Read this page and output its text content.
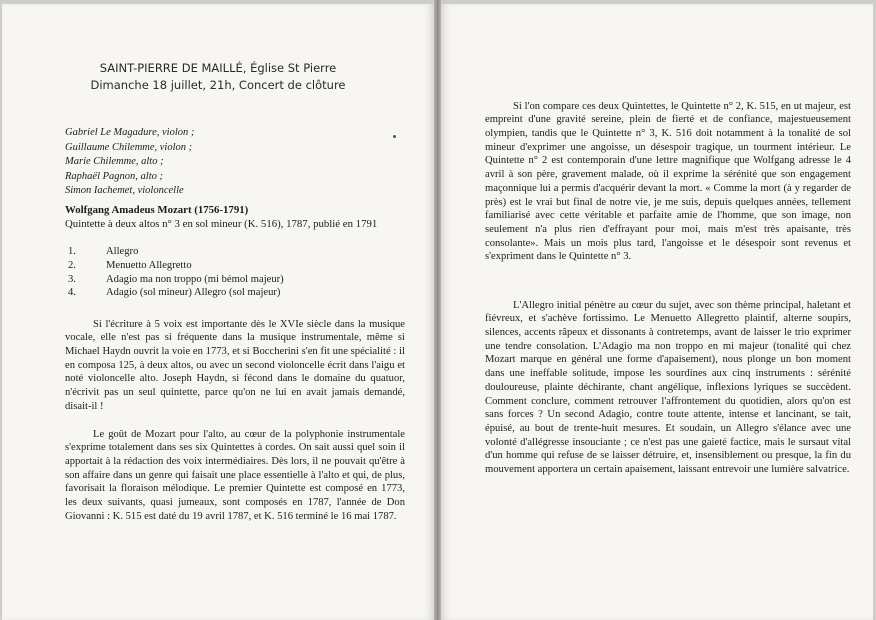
SAINT-PIERRE DE MAILLÉ, Église St Pierre
Dimanche 18 juillet, 21h, Concert de clôture
Gabriel Le Magadure, violon ;
Guillaume Chilemme, violon ;
Marie Chilemme, alto ;
Raphaël Pagnon, alto ;
Simon Iachemet, violoncelle
Wolfgang Amadeus Mozart (1756-1791)
Quintette à deux altos n° 3 en sol mineur (K. 516), 1787, publié en 1791
1.	Allegro
2.	Menuetto Allegretto
3.	Adagio ma non troppo (mi bémol majeur)
4.	Adagio (sol mineur) Allegro (sol majeur)

Si l'écriture à 5 voix est importante dès le XVIe siècle dans la musique vocale, elle n'est pas si fréquente dans la musique instrumentale, même si Michael Haydn ouvrit la voie en 1773, et si Boccherini s'en fit une spécialité : il en composa 125, à deux altos, ou avec un second violoncelle écrit dans l'aigu et noté violoncelle alto. Joseph Haydn, si fécond dans le domaine du quatuor, n'écrivit pas un seul quintette, parce qu'on ne lui en avait jamais demandé, disait-il !

Le goût de Mozart pour l'alto, au cœur de la polyphonie instrumentale s'exprime totalement dans ses six Quintettes à cordes. On sait aussi quel soin il apportait à la rédaction des voix intermédiaires. Dès lors, il ne pouvait qu'être à son affaire dans un genre qui faisait une place essentielle à l'alto et qui, de plus, favorisait la floraison mélodique. Le premier Quintette est composé en 1773, les deux suivants, quasi jumeaux, sont composés en 1787, l'année de Don Giovanni : K. 515 est daté du 19 avril 1787, et K. 516 terminé le 16 mai 1787.

Si l'on compare ces deux Quintettes, le Quintette n° 2, K. 515, en ut majeur, est empreint d'une gravité sereine, plein de fierté et de confiance, majestueusement olympien, tandis que le Quintette n° 3, K. 516 doit notamment à la tonalité de sol mineur d'exprimer une angoisse, un désespoir tragique, un tourment intérieur. Le Quintette n° 2 est contemporain d'une lettre magnifique que Wolfgang adresse le 4 avril à son père, gravement malade, où il exprime la sérénité que son engagement maçonnique lui a permis d'acquérir devant la mort. « Comme la mort (à y regarder de près) est le vrai but final de notre vie, je me suis, depuis quelques années, tellement familiarisé avec cette véritable et parfaite amie de l'homme, que son image, non seulement n'a plus rien d'effrayant pour moi, mais m'est très apaisante, très consolante». Mais un mois plus tard, l'angoisse et le désespoir sont revenus et s'expriment dans le Quintette n° 3.

L'Allegro initial pénètre au cœur du sujet, avec son thème principal, haletant et fiévreux, et s'achève fortissimo. Le Menuetto Allegretto plaintif, alterne soupirs, silences, accents râpeux et dissonants à contretemps, avant de laisser le trio exprimer une tendre consolation. L'Adagio ma non troppo en mi majeur (tonalité qui chez Mozart marque en général une forme d'apaisement), nous plonge un bon moment dans une ineffable solitude, impose les sourdines aux cinq instruments : sérénité douloureuse, plainte déchirante, chant angélique, inflexions lyriques se succèdent. Comment conclure, comment retrouver l'affrontement du quotidien, alors qu'on est sans forces ? Un second Adagio, contre toute attente, intense et lancinant, se tait, épuisé, au bout de trente-huit mesures. Et soudain, un Allegro s'élance avec une volonté d'allégresse insouciante ; ce n'est pas une gaieté factice, mais le sursaut vital d'un homme qui refuse de se laisser détruire, et, insensiblement ou presque, la fin du mouvement apportera un certain apaisement, laissant entrevoir une lumière salvatrice.
